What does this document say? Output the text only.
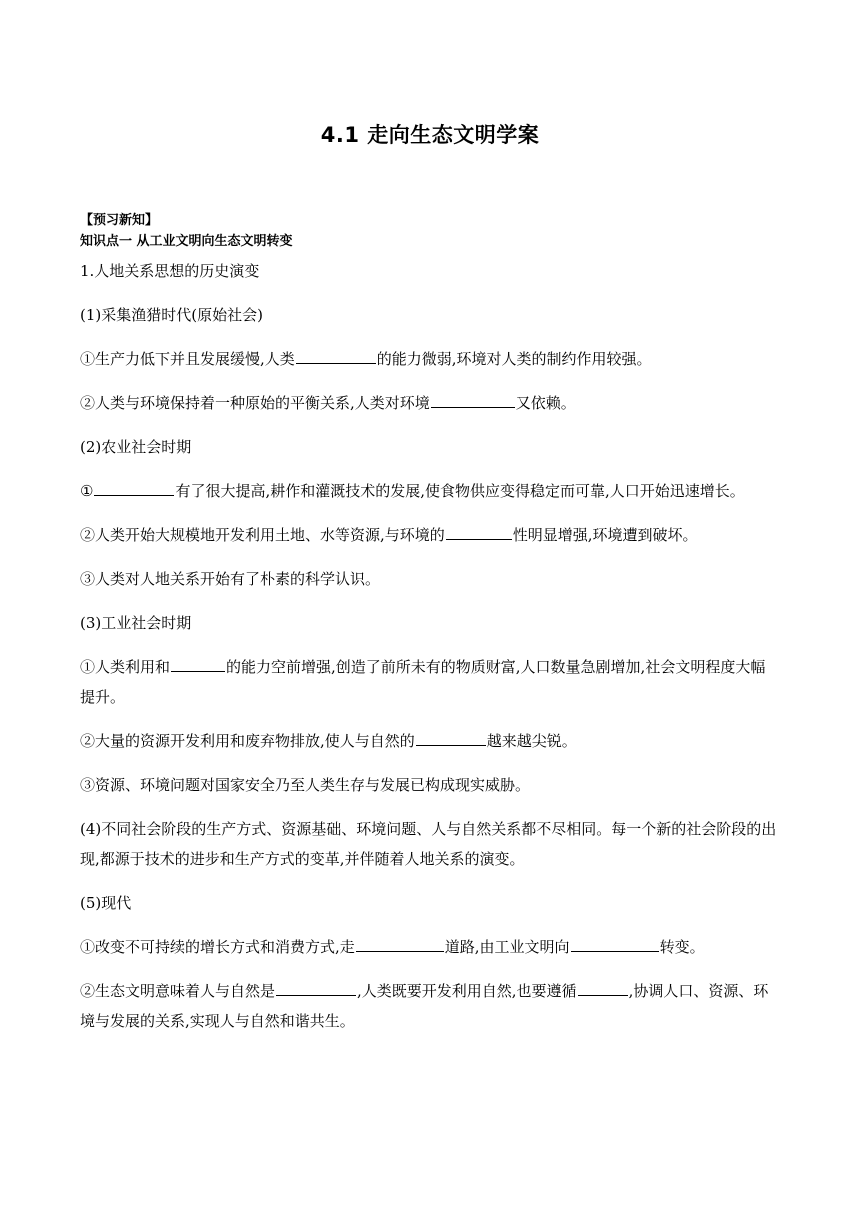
4.1 走向生态文明学案

【预习新知】

知识点一 从工业文明向生态文明转变

1.人地关系思想的历史演变

(1)采集渔猎时代(原始社会)

①生产力低下并且发展缓慢,人类	的能力微弱,环境对人类的制约作用较强。

②人类与环境保持着一种原始的平衡关系,人类对环境	又依赖。

(2)农业社会时期

①	有了很大提高,耕作和灌溉技术的发展,使食物供应变得稳定而可靠,人口开始迅速增长。

②人类开始大规模地开发利用土地、水等资源,与环境的	性明显增强,环境遭到破坏。

③人类对人地关系开始有了朴素的科学认识。

(3)工业社会时期

①人类利用和	的能力空前增强,创造了前所未有的物质财富,人口数量急剧增加,社会文明程度大幅提升。

②大量的资源开发利用和废弃物排放,使人与自然的	越来越尖锐。

③资源、环境问题对国家安全乃至人类生存与发展已构成现实威胁。

(4)不同社会阶段的生产方式、资源基础、环境问题、人与自然关系都不尽相同。每一个新的社会阶段的出现,都源于技术的进步和生产方式的变革,并伴随着人地关系的演变。

(5)现代

①改变不可持续的增长方式和消费方式,走	道路,由工业文明向	转变。

②生态文明意味着人与自然是	,人类既要开发利用自然,也要遵循	,协调人口、资源、环境与发展的关系,实现人与自然和谐共生。
